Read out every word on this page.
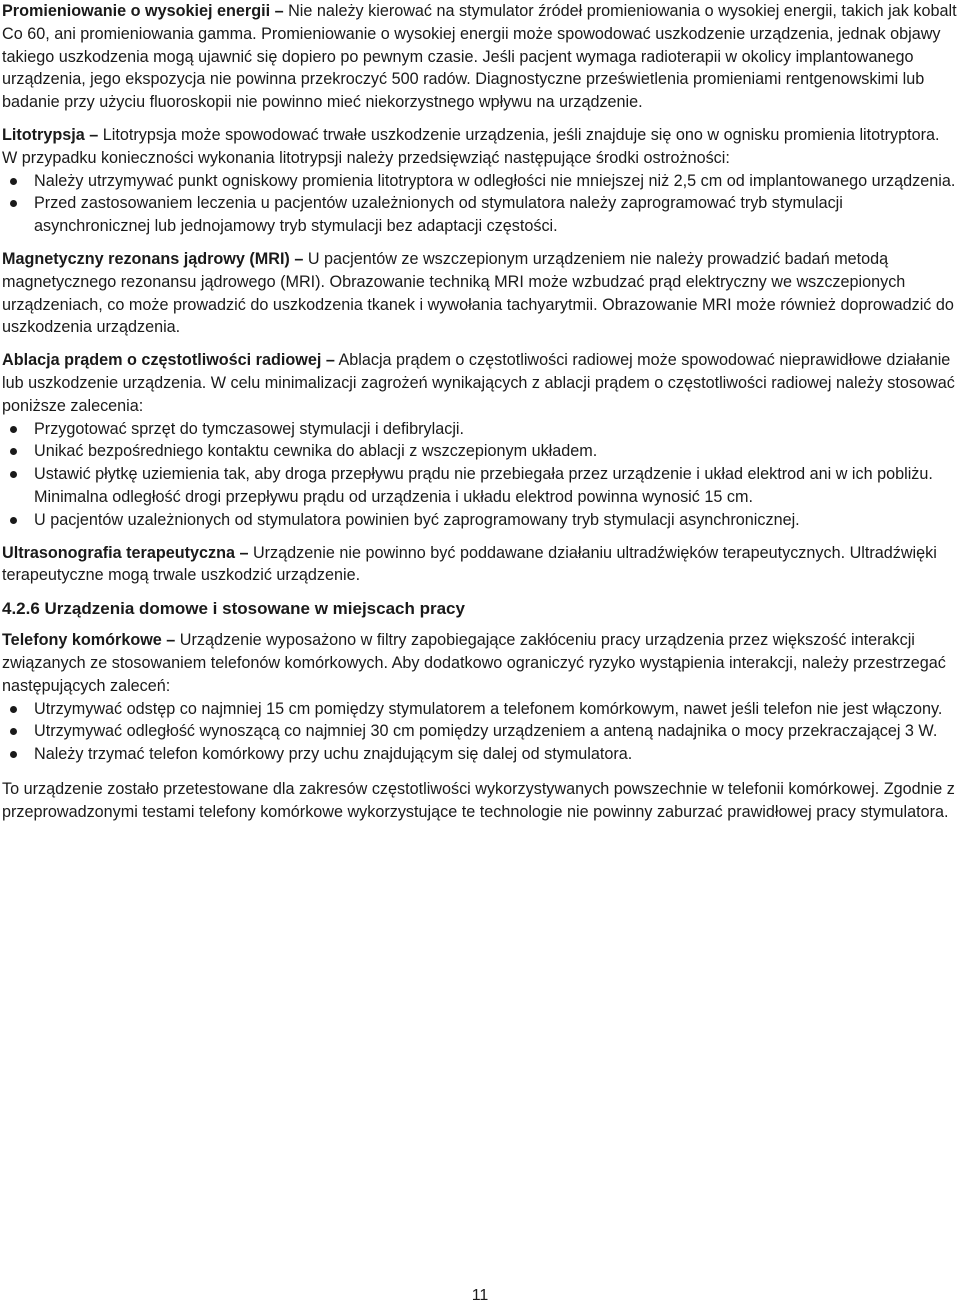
Promieniowanie o wysokiej energii – Nie należy kierować na stymulator źródeł promieniowania o wysokiej energii, takich jak kobalt Co 60, ani promieniowania gamma. Promieniowanie o wysokiej energii może spowodować uszkodzenie urządzenia, jednak objawy takiego uszkodzenia mogą ujawnić się dopiero po pewnym czasie. Jeśli pacjent wymaga radioterapii w okolicy implantowanego urządzenia, jego ekspozycja nie powinna przekroczyć 500 radów. Diagnostyczne prześwietlenia promieniami rentgenowskimi lub badanie przy użyciu fluoroskopii nie powinno mieć niekorzystnego wpływu na urządzenie.

Litotrypsja – Litotrypsja może spowodować trwałe uszkodzenie urządzenia, jeśli znajduje się ono w ognisku promienia litotryptora. W przypadku konieczności wykonania litotrypsji należy przedsięwziąć następujące środki ostrożności:

Należy utrzymywać punkt ogniskowy promienia litotryptora w odległości nie mniejszej niż 2,5 cm od implantowanego urządzenia.
Przed zastosowaniem leczenia u pacjentów uzależnionych od stymulatora należy zaprogramować tryb stymulacji asynchronicznej lub jednojamowy tryb stymulacji bez adaptacji częstości.

Magnetyczny rezonans jądrowy (MRI) – U pacjentów ze wszczepionym urządzeniem nie należy prowadzić badań metodą magnetycznego rezonansu jądrowego (MRI). Obrazowanie techniką MRI może wzbudzać prąd elektryczny we wszczepionych urządzeniach, co może prowadzić do uszkodzenia tkanek i wywołania tachyarytmii. Obrazowanie MRI może również doprowadzić do uszkodzenia urządzenia.

Ablacja prądem o częstotliwości radiowej – Ablacja prądem o częstotliwości radiowej może spowodować nieprawidłowe działanie lub uszkodzenie urządzenia. W celu minimalizacji zagrożeń wynikających z ablacji prądem o częstotliwości radiowej należy stosować poniższe zalecenia:

Przygotować sprzęt do tymczasowej stymulacji i defibrylacji.
Unikać bezpośredniego kontaktu cewnika do ablacji z wszczepionym układem.
Ustawić płytkę uziemienia tak, aby droga przepływu prądu nie przebiegała przez urządzenie i układ elektrod ani w ich pobliżu. Minimalna odległość drogi przepływu prądu od urządzenia i układu elektrod powinna wynosić 15 cm.
U pacjentów uzależnionych od stymulatora powinien być zaprogramowany tryb stymulacji asynchronicznej.

Ultrasonografia terapeutyczna – Urządzenie nie powinno być poddawane działaniu ultradźwięków terapeutycznych. Ultradźwięki terapeutyczne mogą trwale uszkodzić urządzenie.

4.2.6 Urządzenia domowe i stosowane w miejscach pracy

Telefony komórkowe – Urządzenie wyposażono w filtry zapobiegające zakłóceniu pracy urządzenia przez większość interakcji związanych ze stosowaniem telefonów komórkowych. Aby dodatkowo ograniczyć ryzyko wystąpienia interakcji, należy przestrzegać następujących zaleceń:

Utrzymywać odstęp co najmniej 15 cm pomiędzy stymulatorem a telefonem komórkowym, nawet jeśli telefon nie jest włączony.
Utrzymywać odległość wynoszącą co najmniej 30 cm pomiędzy urządzeniem a anteną nadajnika o mocy przekraczającej 3 W.
Należy trzymać telefon komórkowy przy uchu znajdującym się dalej od stymulatora.

To urządzenie zostało przetestowane dla zakresów częstotliwości wykorzystywanych powszechnie w telefonii komórkowej. Zgodnie z przeprowadzonymi testami telefony komórkowe wykorzystujące te technologie nie powinny zaburzać prawidłowej pracy stymulatora.

11
